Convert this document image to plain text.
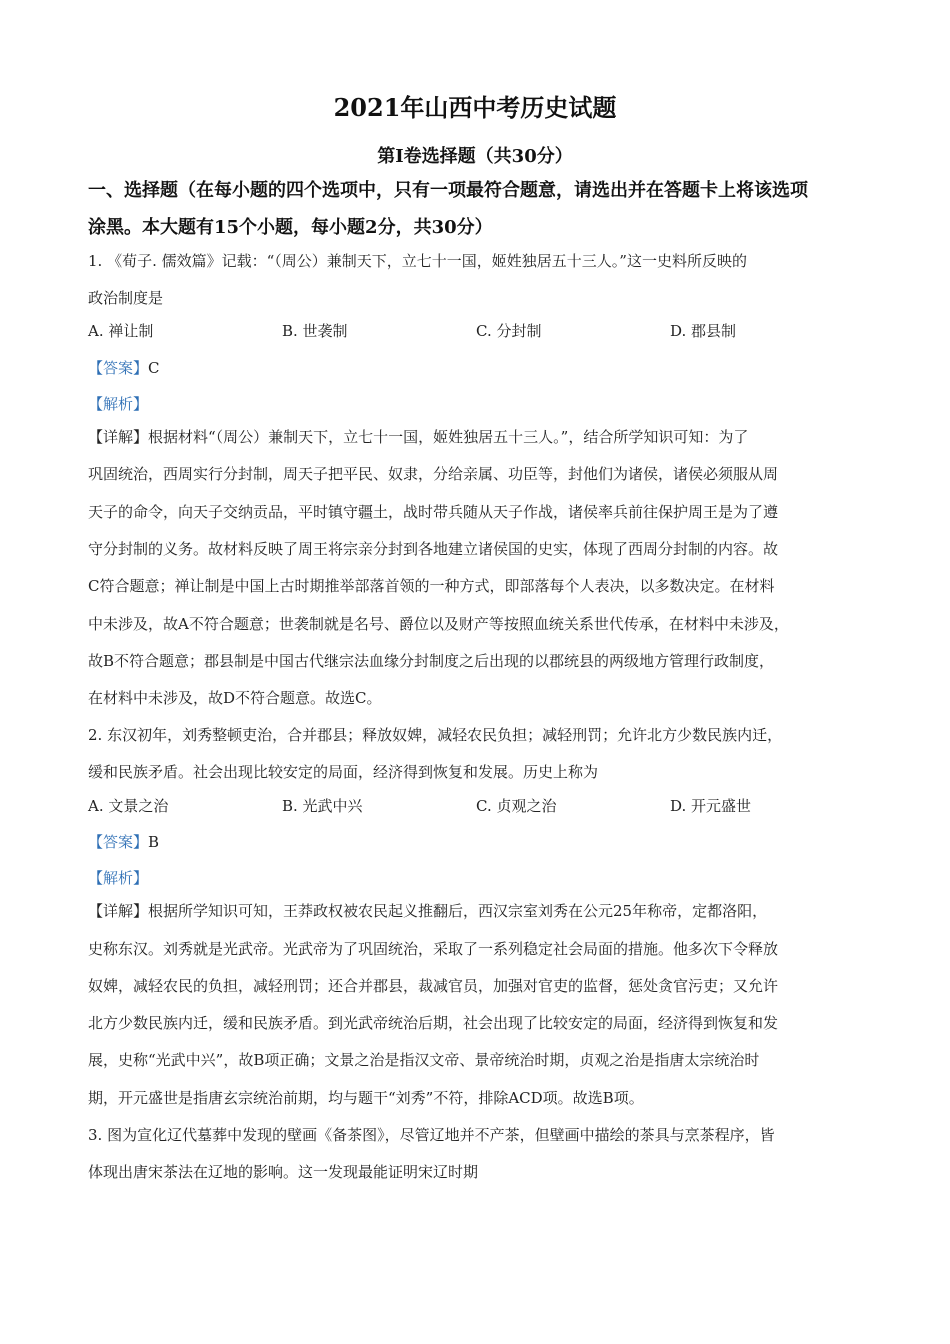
2021年山西中考历史试题
第I卷选择题（共30分）
一、选择题（在每小题的四个选项中，只有一项最符合题意，请选出并在答题卡上将该选项
涂黑。本大题有15个小题，每小题2分，共30分）
1. 《荀子. 儒效篇》记载：“（周公）兼制天下，立七十一国，姬姓独居五十三人。”这一史料所反映的
政治制度是
A. 禅让制	B. 世袭制	C. 分封制	D. 郡县制
【答案】C
【解析】
【详解】根据材料“（周公）兼制天下，立七十一国，姬姓独居五十三人。”，结合所学知识可知：为了
巩固统治，西周实行分封制，周天子把平民、奴隶，分给亲属、功臣等，封他们为诸侯，诸侯必须服从周
天子的命令，向天子交纳贡品，平时镇守疆土，战时带兵随从天子作战，诸侯率兵前往保护周王是为了遵
守分封制的义务。故材料反映了周王将宗亲分封到各地建立诸侯国的史实，体现了西周分封制的内容。故
C符合题意；禅让制是中国上古时期推举部落首领的一种方式，即部落每个人表决，以多数决定。在材料
中未涉及，故A不符合题意；世袭制就是名号、爵位以及财产等按照血统关系世代传承，在材料中未涉及，
故B不符合题意；郡县制是中国古代继宗法血缘分封制度之后出现的以郡统县的两级地方管理行政制度，
在材料中未涉及，故D不符合题意。故选C。
2. 东汉初年，刘秀整顿吏治，合并郡县；释放奴婢，减轻农民负担；减轻刑罚；允许北方少数民族内迁，
缓和民族矛盾。社会出现比较安定的局面，经济得到恢复和发展。历史上称为
A. 文景之治	B. 光武中兴	C. 贞观之治	D. 开元盛世
【答案】B
【解析】
【详解】根据所学知识可知，王莽政权被农民起义推翻后，西汉宗室刘秀在公元25年称帝，定都洛阳，
史称东汉。刘秀就是光武帝。光武帝为了巩固统治，采取了一系列稳定社会局面的措施。他多次下令释放
奴婢，减轻农民的负担，减轻刑罚；还合并郡县，裁减官员，加强对官吏的监督，惩处贪官污吏；又允许
北方少数民族内迁，缓和民族矛盾。到光武帝统治后期，社会出现了比较安定的局面，经济得到恢复和发
展，史称“光武中兴”，故B项正确；文景之治是指汉文帝、景帝统治时期，贞观之治是指唐太宗统治时
期，开元盛世是指唐玄宗统治前期，均与题干“刘秀”不符，排除ACD项。故选B项。
3. 图为宣化辽代墓葬中发现的壁画《备茶图》，尽管辽地并不产茶，但壁画中描绘的茶具与烹茶程序，皆
体现出唐宋茶法在辽地的影响。这一发现最能证明宋辽时期
